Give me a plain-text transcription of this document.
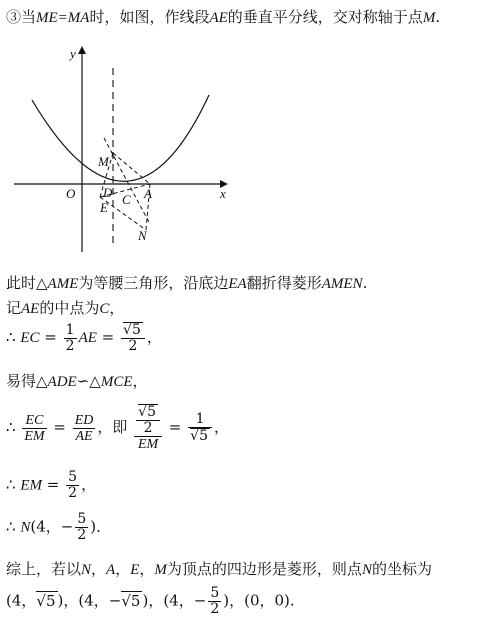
③当ME=MA时，如图，作线段AE的垂直平分线，交对称轴于点M.
y
x
O D A
E
C
M
N
此时△AME为等腰三角形，沿底边EA翻折得菱形AMEN.
记AE的中点为C，
∴ EC = $\frac{1}{2}$ AE = √ $\frac{5}{2}$ ，
易得△ADE∽△MCE，
∴ $\frac{EC}{EM} = \frac{ED}{AE}$ ，即 √ $\frac{\frac{5}{2}}{EM} = 1$
√ 5 ，
∴ EM = $\frac{5}{2}$ ，
∴ N(4，− $\frac{5}{2}$ )．
综上，若以N，A，E，M为顶点的四边形是菱形，则点N的坐标为
(4， √ 5 )，(4，− √ 5 )，(4，− $\frac{5}{2}$ )，(0，0).
